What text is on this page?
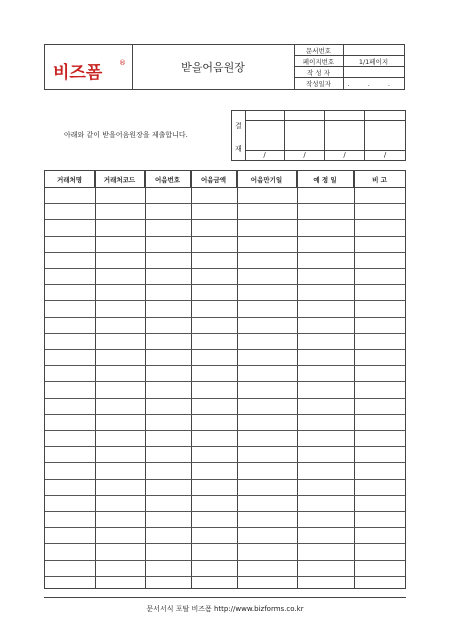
비즈폼 ®	받을어음원장
문서번호
페이지번호	1/1페이지
작 성 자
작성일자	. . .
아래와 같이 받을어음원장을 제출합니다.
결
재
/	/	/	/
거래처명	거래처코드	어음번호	어음금액	어음만기일	예 정 일	비 고
문서서식 포탈 비즈폼 http://www.bizforms.co.kr
